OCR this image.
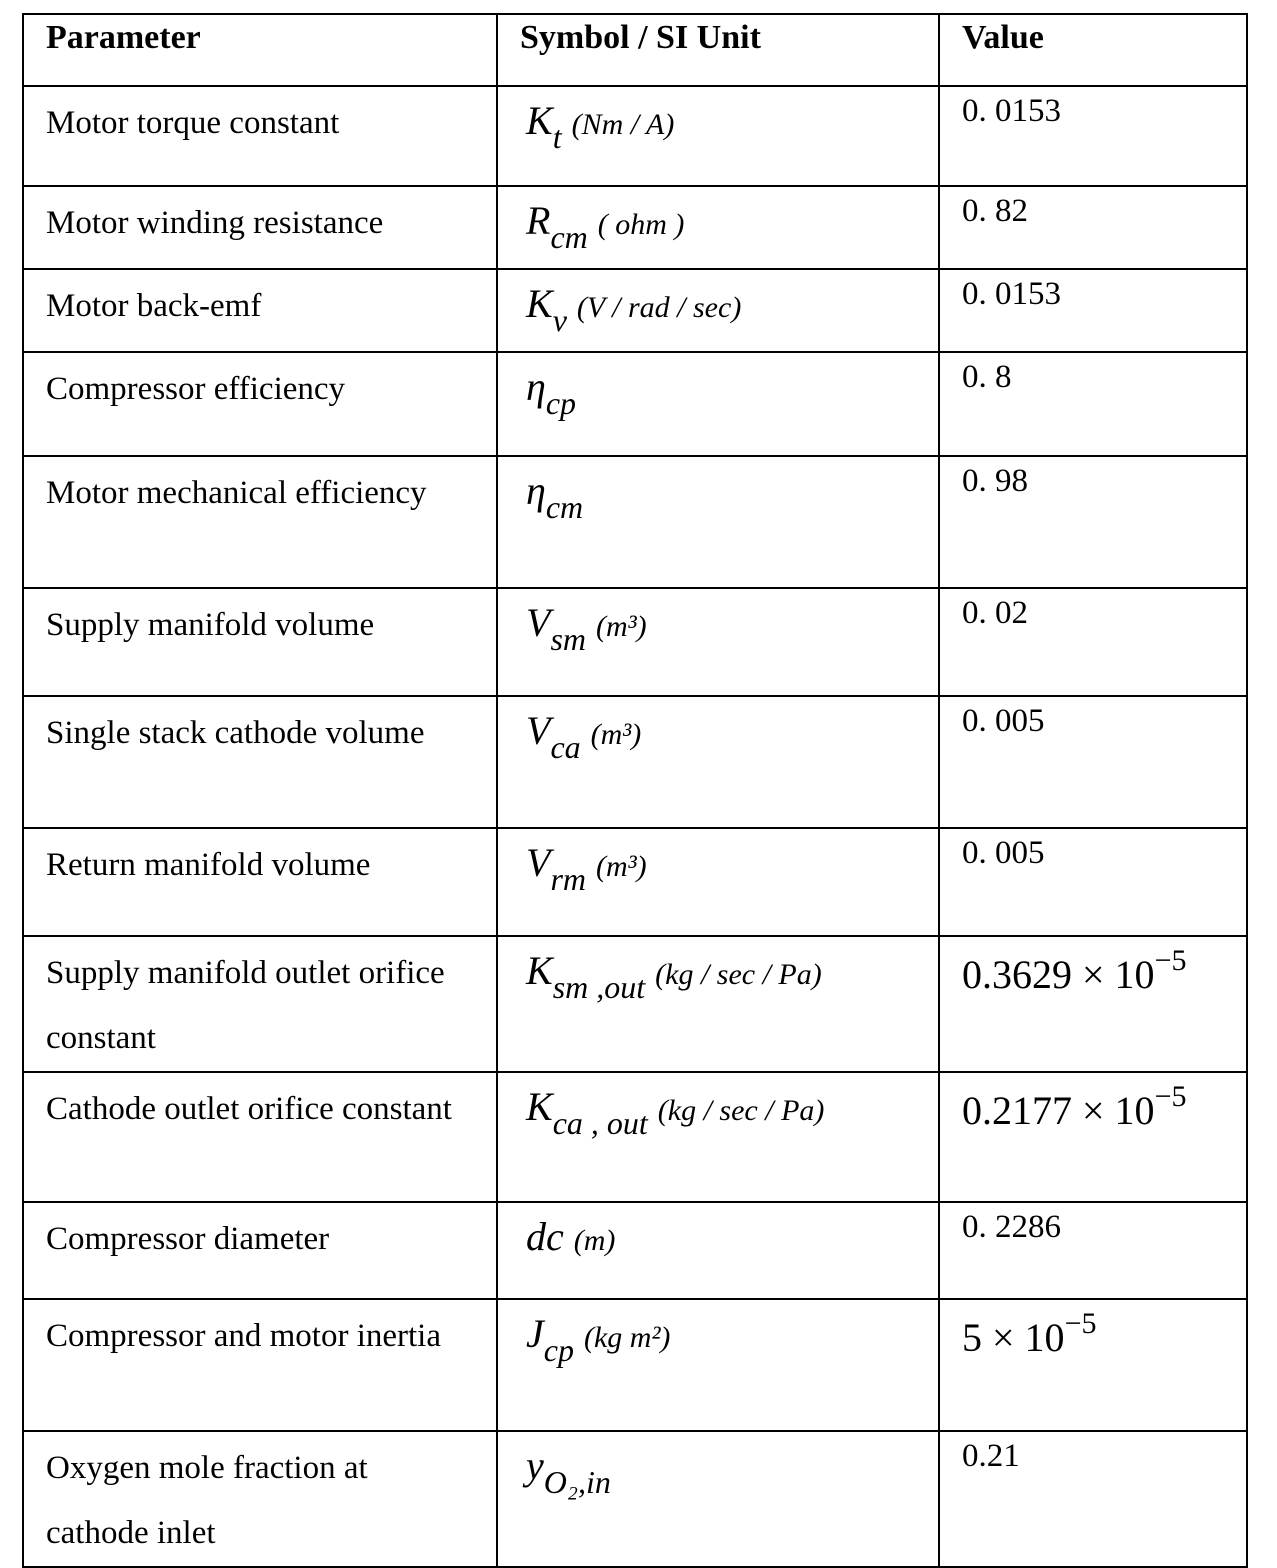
Parameter	Symbol / SI Unit	Value
Motor torque constant	Kt (Nm / A)	0. 0153
Motor winding resistance	Rcm ( ohm )	0. 82
Motor back-emf	Kv (V / rad / sec)	0. 0153
Compressor efficiency	ηcp	0. 8
Motor mechanical efficiency	ηcm	0. 98
Supply manifold volume	Vsm (m³)	0. 02
Single stack cathode volume	Vca (m³)	0. 005
Return manifold volume	Vrm (m³)	0. 005
Supply manifold outlet orifice constant	Ksm ,out (kg / sec / Pa)	$0.3629 \times 10^{-5}$
Cathode outlet orifice constant	Kca , out (kg / sec / Pa)	$0.2177 \times 10^{-5}$
Compressor diameter	dc (m)	0. 2286
Compressor and motor inertia	Jcp (kg m²)	$5 \times 10^{-5}$
Oxygen mole fraction at cathode inlet	yO₂,in	0.21
